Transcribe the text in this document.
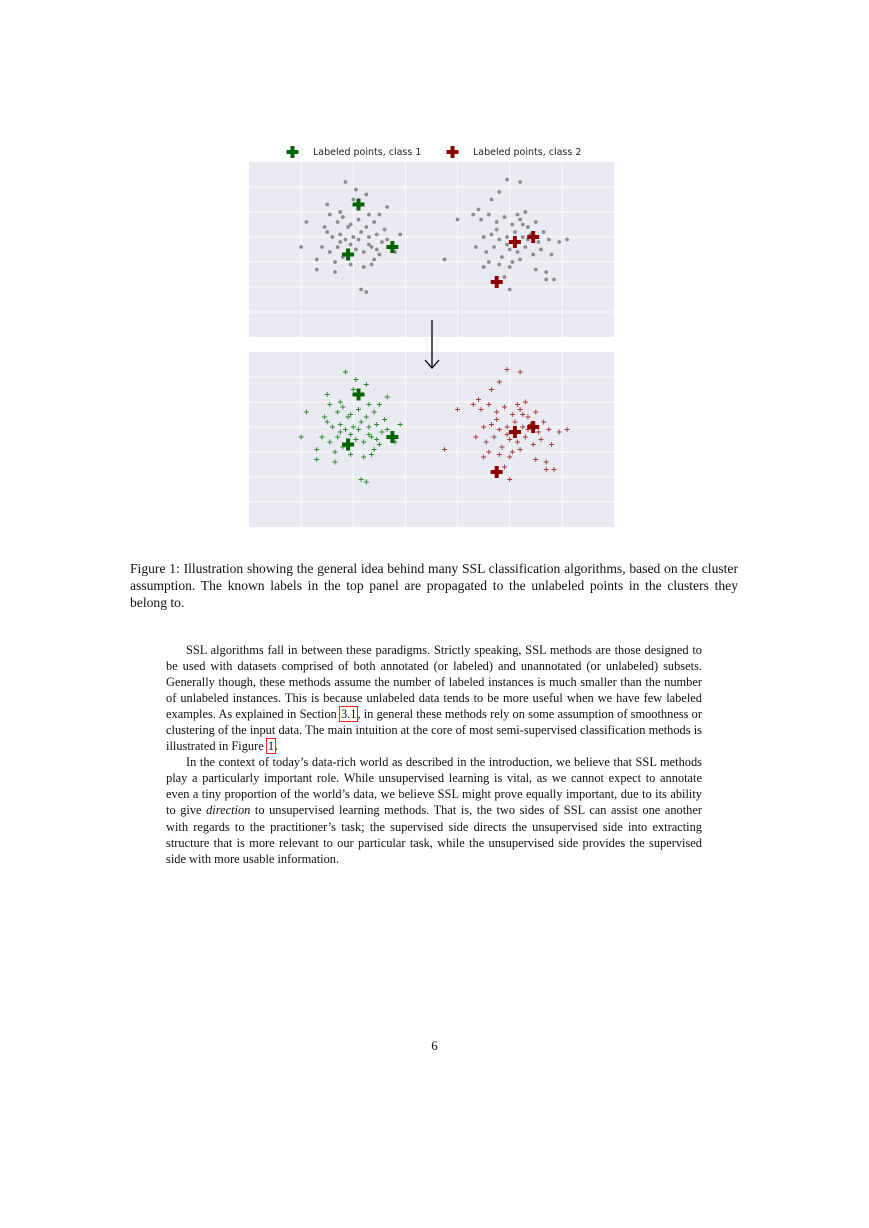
Labeled points, class 1	Labeled points, class 2
Figure 1: Illustration showing the general idea behind many SSL classification algorithms, based on the cluster assumption. The known labels in the top panel are propagated to the unlabeled points in the clusters they belong to.

SSL algorithms fall in between these paradigms. Strictly speaking, SSL methods are those designed to be used with datasets comprised of both annotated (or labeled) and unannotated (or unlabeled) subsets. Generally though, these methods assume the number of labeled instances is much smaller than the number of unlabeled instances. This is because unlabeled data tends to be more useful when we have few labeled examples. As explained in Section 3.1, in general these methods rely on some assumption of smoothness or clustering of the input data. The main intuition at the core of most semi-supervised classification methods is illustrated in Figure 1.

In the context of today’s data-rich world as described in the introduction, we believe that SSL methods play a particularly important role. While unsupervised learning is vital, as we cannot expect to annotate even a tiny proportion of the world’s data, we believe SSL might prove equally important, due to its ability to give direction to unsupervised learning methods. That is, the two sides of SSL can assist one another with regards to the practitioner’s task; the supervised side directs the unsupervised side into extracting structure that is more relevant to our particular task, while the unsupervised side provides the supervised side with more usable information.

6
